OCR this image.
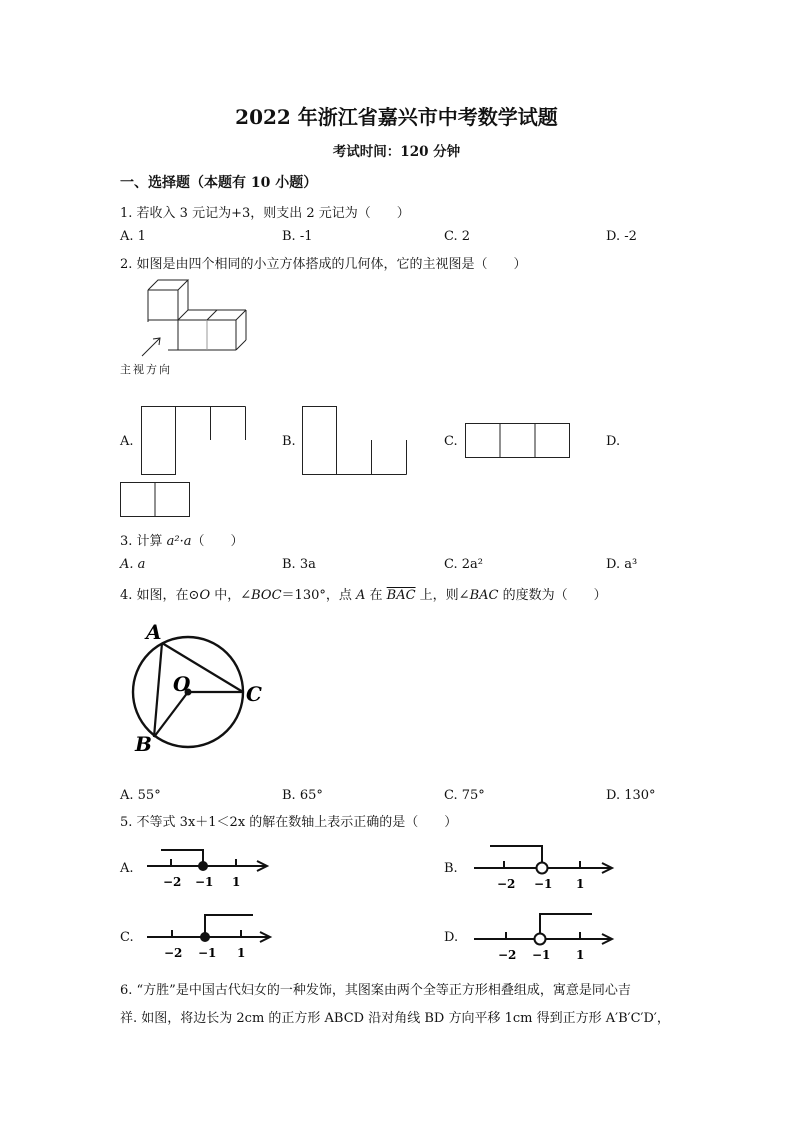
2022 年浙江省嘉兴市中考数学试题
考试时间：120 分钟
一、选择题（本题有 10 小题）
1. 若收入 3 元记为+3，则支出 2 元记为（　　）
A. 1	B. -1	C. 2	D. -2
2. 如图是由四个相同的小立方体搭成的几何体，它的主视图是（　　）
主视方向
A.	B.	C.	D.
3. 计算 a²·a（　　）
A. a	B. 3a	C. 2a²	D. a³
4. 如图，在⊙O 中，∠BOC＝130°，点 A 在 $\overline{BAC}$ 上，则∠BAC 的度数为（　　）
A
O	C
B
A. 55°	B. 65°	C. 75°	D. 130°
5. 不等式 3x＋1＜2x 的解在数轴上表示正确的是（　　）
A.
−2 −1 1
B.
−2 −1 1
C.
−2 −1 1
D.
−2 −1 1
6. “方胜”是中国古代妇女的一种发饰，其图案由两个全等正方形相叠组成，寓意是同心吉
祥. 如图，将边长为 2cm 的正方形 ABCD 沿对角线 BD 方向平移 1cm 得到正方形 A′B′C′D′，
